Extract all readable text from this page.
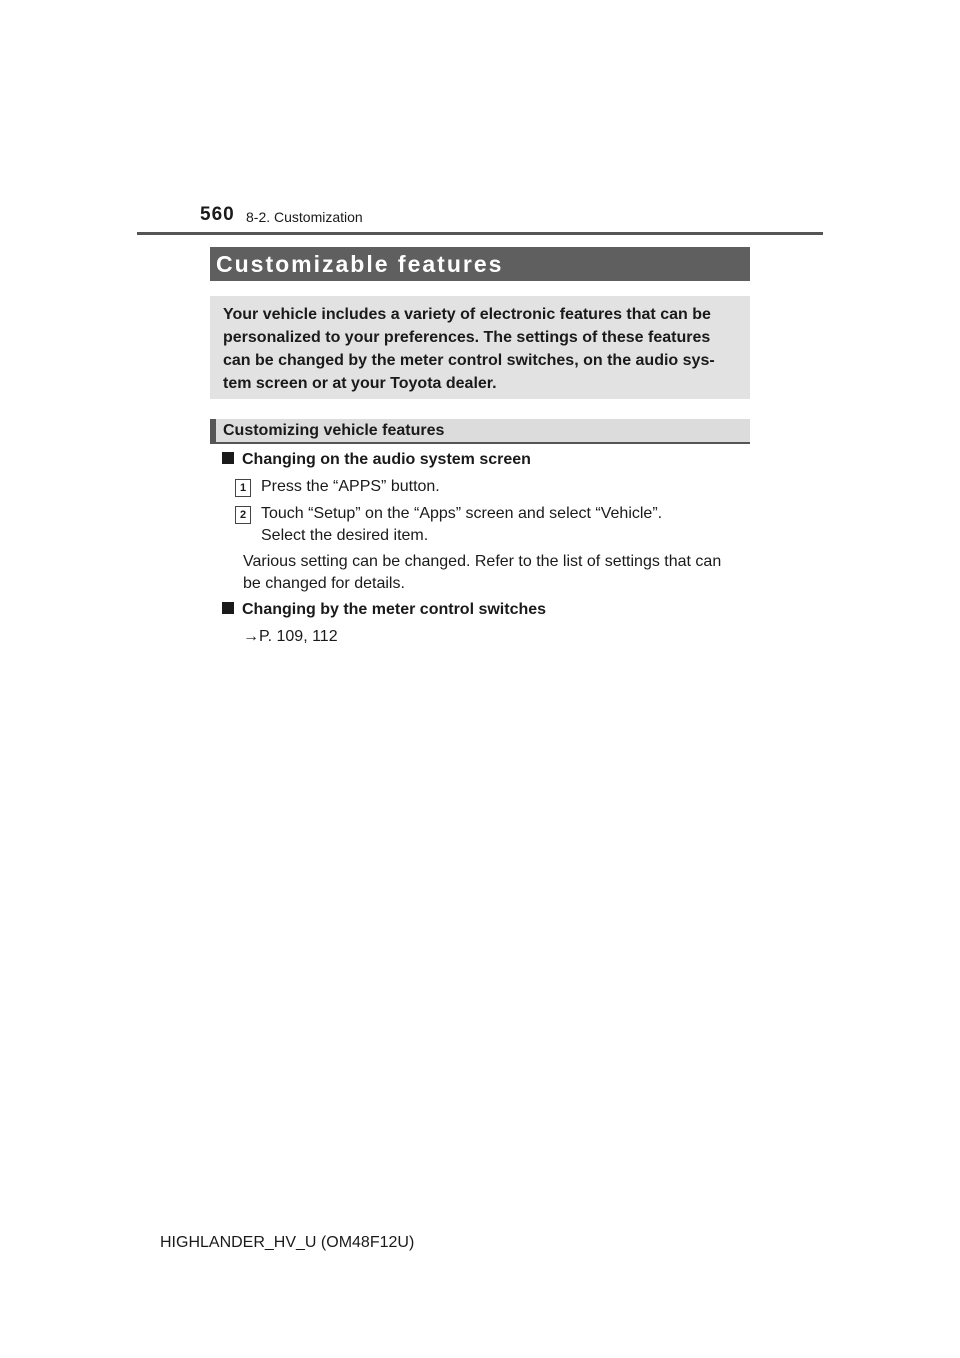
560 8-2. Customization
Customizable features
Your vehicle includes a variety of electronic features that can be
personalized to your preferences. The settings of these features
can be changed by the meter control switches, on the audio sys-
tem screen or at your Toyota dealer.
Customizing vehicle features
Changing on the audio system screen
1 Press the “APPS” button.
2 Touch “Setup” on the “Apps” screen and select “Vehicle”.
Select the desired item.
Various setting can be changed. Refer to the list of settings that can
be changed for details.
Changing by the meter control switches
→P. 109, 112
HIGHLANDER_HV_U (OM48F12U)
